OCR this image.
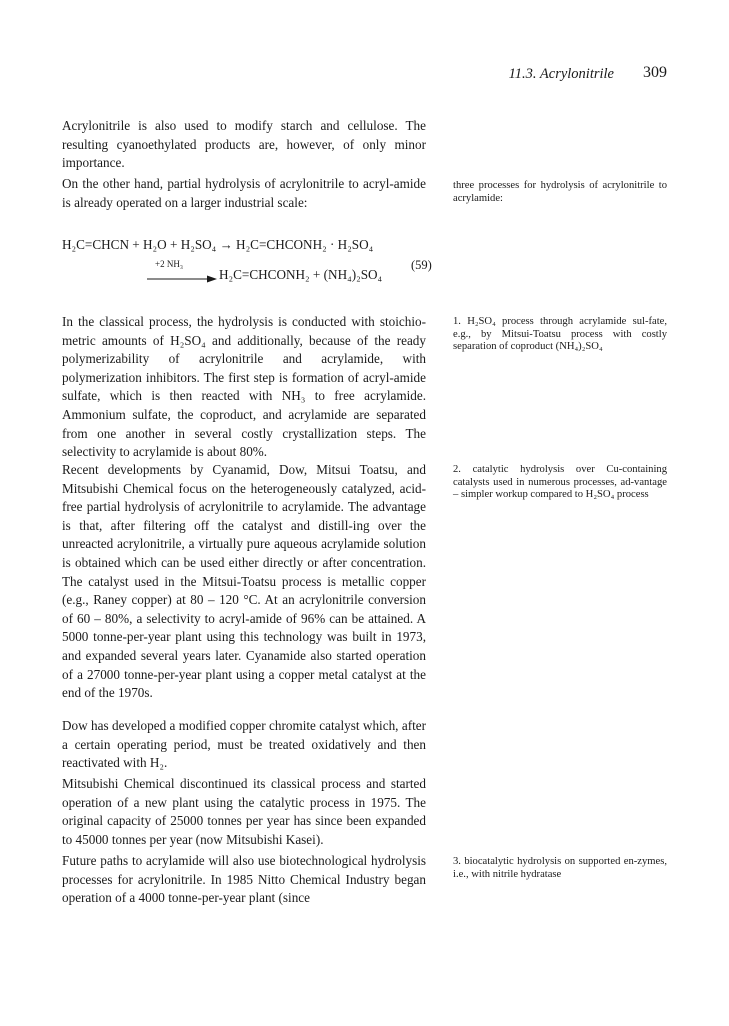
11.3. Acrylonitrile 309

Acrylonitrile is also used to modify starch and cellulose. The resulting cyanoethylated products are, however, of only minor importance.

On the other hand, partial hydrolysis of acrylonitrile to acryl-amide is already operated on a larger industrial scale:

three processes for hydrolysis of acrylonitrile to acrylamide:

H₂C=CHCN + H₂O + H₂SO₄ → H₂C=CHCONH₂ · H₂SO₄
+2 NH₃
H₂C=CHCONH₂ + (NH₄)₂SO₄
(59)

In the classical process, the hydrolysis is conducted with stoichio-metric amounts of H₂SO₄ and additionally, because of the ready polymerizability of acrylonitrile and acrylamide, with polymerization inhibitors. The first step is formation of acryl-amide sulfate, which is then reacted with NH₃ to free acrylamide. Ammonium sulfate, the coproduct, and acrylamide are separated from one another in several costly crystallization steps. The selectivity to acrylamide is about 80%.

1. H₂SO₄ process through acrylamide sul-fate, e.g., by Mitsui-Toatsu process with costly separation of coproduct (NH₄)₂SO₄

Recent developments by Cyanamid, Dow, Mitsui Toatsu, and Mitsubishi Chemical focus on the heterogeneously catalyzed, acid-free partial hydrolysis of acrylonitrile to acrylamide. The advantage is that, after filtering off the catalyst and distill-ing over the unreacted acrylonitrile, a virtually pure aqueous acrylamide solution is obtained which can be used either directly or after concentration. The catalyst used in the Mitsui-Toatsu process is metallic copper (e.g., Raney copper) at 80 – 120 °C. At an acrylonitrile conversion of 60 – 80%, a selectivity to acryl-amide of 96% can be attained. A 5000 tonne-per-year plant using this technology was built in 1973, and expanded several years later. Cyanamide also started operation of a 27000 tonne-per-year plant using a copper metal catalyst at the end of the 1970s.

2. catalytic hydrolysis over Cu-containing catalysts used in numerous processes, ad-vantage – simpler workup compared to H₂SO₄ process

Dow has developed a modified copper chromite catalyst which, after a certain operating period, must be treated oxidatively and then reactivated with H₂.

Mitsubishi Chemical discontinued its classical process and started operation of a new plant using the catalytic process in 1975. The original capacity of 25000 tonnes per year has since been expanded to 45000 tonnes per year (now Mitsubishi Kasei).

Future paths to acrylamide will also use biotechnological hydrolysis processes for acrylonitrile. In 1985 Nitto Chemical Industry began operation of a 4000 tonne-per-year plant (since

3. biocatalytic hydrolysis on supported en-zymes, i.e., with nitrile hydratase
